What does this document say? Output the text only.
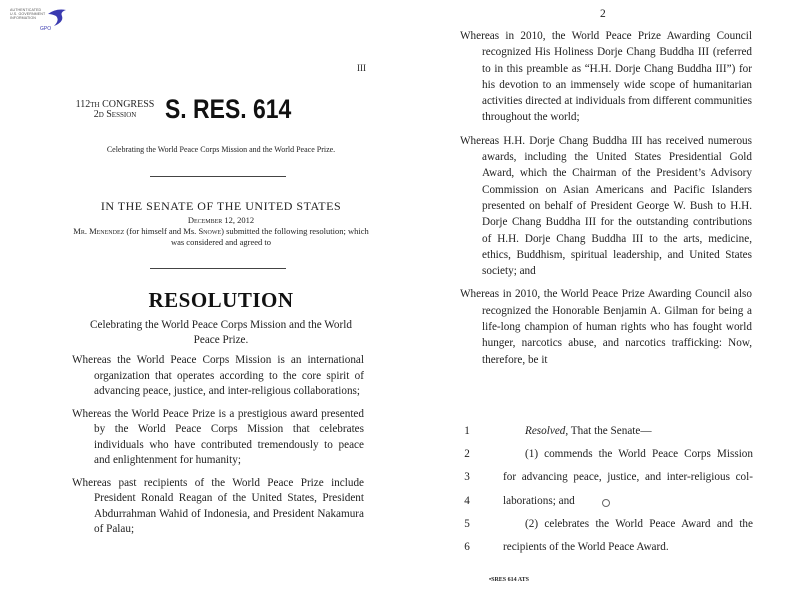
AUTHENTICATED
U.S. GOVERNMENT
INFORMATION
GPO
III
112th CONGRESS
2d Session	S. RES. 614
Celebrating the World Peace Corps Mission and the World Peace Prize.
IN THE SENATE OF THE UNITED STATES
December 12, 2012
Mr. Menendez (for himself and Ms. Snowe) submitted the following resolution; which was considered and agreed to
RESOLUTION
Celebrating the World Peace Corps Mission and the World Peace Prize.
Whereas the World Peace Corps Mission is an international organization that operates according to the core spirit of advancing peace, justice, and inter-religious collaborations;
Whereas the World Peace Prize is a prestigious award presented by the World Peace Corps Mission that celebrates individuals who have contributed tremendously to peace and enlightenment for humanity;
Whereas past recipients of the World Peace Prize include President Ronald Reagan of the United States, President Abdurrahman Wahid of Indonesia, and President Nakamura of Palau;
2
Whereas in 2010, the World Peace Prize Awarding Council recognized His Holiness Dorje Chang Buddha III (referred to in this preamble as “H.H. Dorje Chang Buddha III”) for his devotion to an immensely wide scope of humanitarian activities directed at individuals from different communities throughout the world;
Whereas H.H. Dorje Chang Buddha III has received numerous awards, including the United States Presidential Gold Award, which the Chairman of the President’s Advisory Commission on Asian Americans and Pacific Islanders presented on behalf of President George W. Bush to H.H. Dorje Chang Buddha III for the outstanding contributions of H.H. Dorje Chang Buddha III to the arts, medicine, ethics, Buddhism, spiritual leadership, and United States society; and
Whereas in 2010, the World Peace Prize Awarding Council also recognized the Honorable Benjamin A. Gilman for being a life-long champion of human rights who has fought world hunger, narcotics abuse, and narcotics trafficking: Now, therefore, be it
1	Resolved, That the Senate—
2	(1) commends the World Peace Corps Mission
3	for advancing peace, justice, and inter-religious col-
4	laborations; and
5	(2) celebrates the World Peace Award and the
6	recipients of the World Peace Award.
•SRES 614 ATS
